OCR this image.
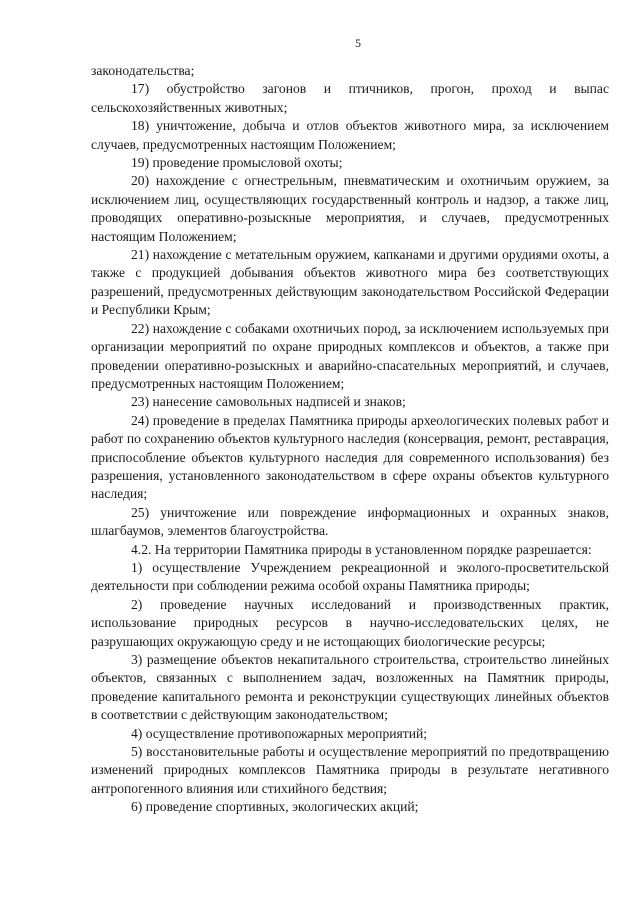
5

законодательства;

17) обустройство загонов и птичников, прогон, проход и выпас сельскохозяйственных животных;

18) уничтожение, добыча и отлов объектов животного мира, за исключением случаев, предусмотренных настоящим Положением;

19) проведение промысловой охоты;

20) нахождение с огнестрельным, пневматическим и охотничьим оружием, за исключением лиц, осуществляющих государственный контроль и надзор, а также лиц, проводящих оперативно-розыскные мероприятия, и случаев, предусмотренных настоящим Положением;

21) нахождение с метательным оружием, капканами и другими орудиями охоты, а также с продукцией добывания объектов животного мира без соответствующих разрешений, предусмотренных действующим законодательством Российской Федерации и Республики Крым;

22) нахождение с собаками охотничьих пород, за исключением используемых при организации мероприятий по охране природных комплексов и объектов, а также при проведении оперативно-розыскных и аварийно-спасательных мероприятий, и случаев, предусмотренных настоящим Положением;

23) нанесение самовольных надписей и знаков;

24) проведение в пределах Памятника природы археологических полевых работ и работ по сохранению объектов культурного наследия (консервация, ремонт, реставрация, приспособление объектов культурного наследия для современного использования) без разрешения, установленного законодательством в сфере охраны объектов культурного наследия;

25) уничтожение или повреждение информационных и охранных знаков, шлагбаумов, элементов благоустройства.

4.2. На территории Памятника природы в установленном порядке разрешается:

1) осуществление Учреждением рекреационной и эколого-просветительской деятельности при соблюдении режима особой охраны Памятника природы;

2) проведение научных исследований и производственных практик, использование природных ресурсов в научно-исследовательских целях, не разрушающих окружающую среду и не истощающих биологические ресурсы;

3) размещение объектов некапитального строительства, строительство линейных объектов, связанных с выполнением задач, возложенных на Памятник природы, проведение капитального ремонта и реконструкции существующих линейных объектов в соответствии с действующим законодательством;

4) осуществление противопожарных мероприятий;

5) восстановительные работы и осуществление мероприятий по предотвращению изменений природных комплексов Памятника природы в результате негативного антропогенного влияния или стихийного бедствия;

6) проведение спортивных, экологических акций;
